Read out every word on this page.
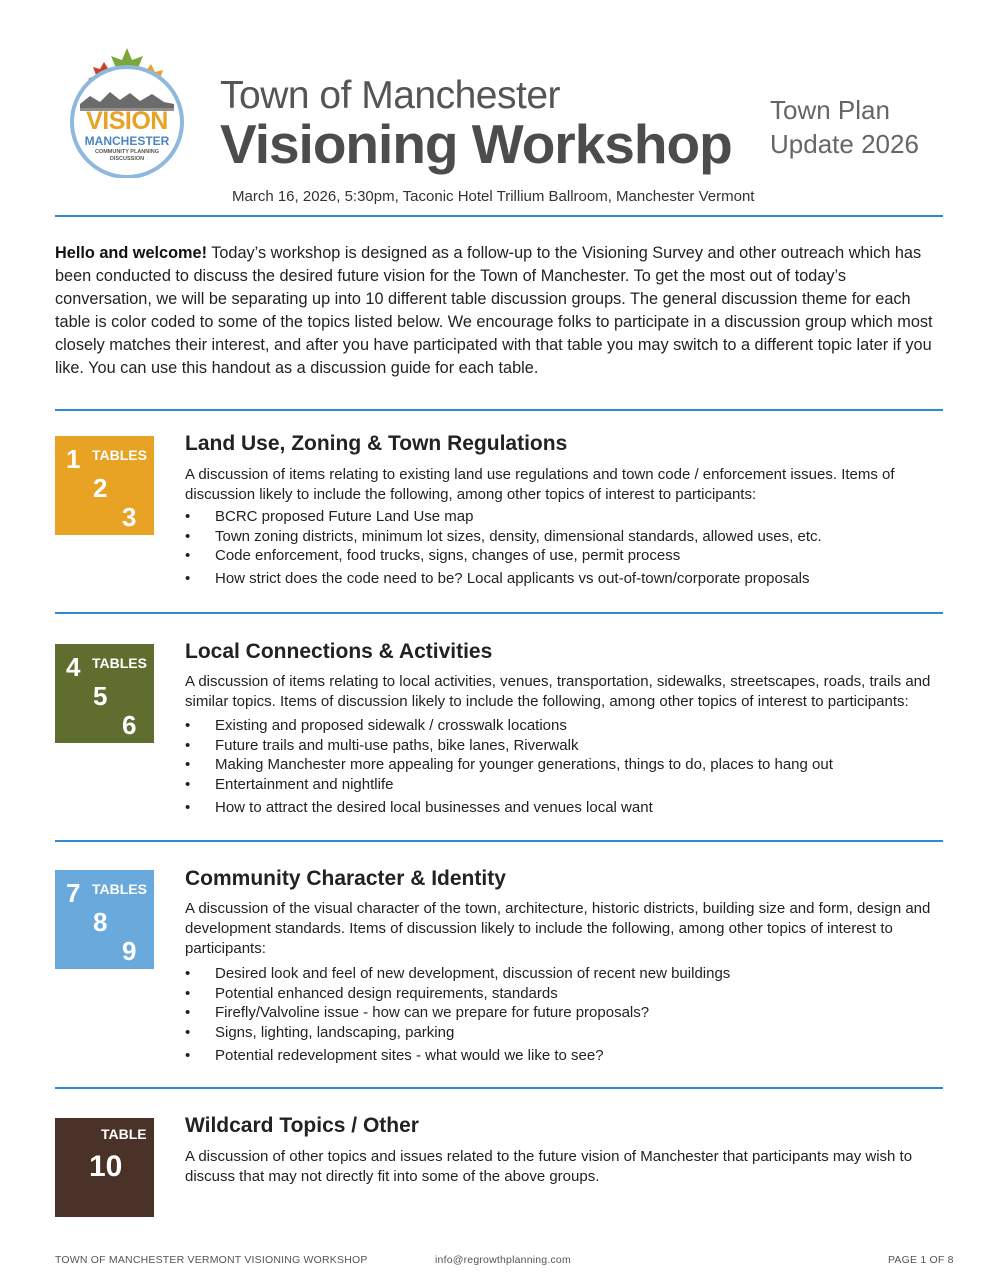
VISION
MANCHESTER
COMMUNITY PLANNING
DISCUSSION
Town of Manchester
Visioning Workshop
Town Plan
Update 2026
March 16, 2026, 5:30pm, Taconic Hotel Trillium Ballroom, Manchester Vermont
Hello and welcome! Today’s workshop is designed as a follow-up to the Visioning Survey and other outreach which has been conducted to discuss the desired future vision for the Town of Manchester. To get the most out of today’s conversation, we will be separating up into 10 different table discussion groups. The general discussion theme for each table is color coded to some of the topics listed below. We encourage folks to participate in a discussion group which most closely matches their interest, and after you have participated with that table you may switch to a different topic later if you like. You can use this handout as a discussion guide for each table.
TABLES
1
2
3
Land Use, Zoning & Town Regulations
A discussion of items relating to existing land use regulations and town code / enforcement issues. Items of discussion likely to include the following, among other topics of interest to participants:
• BCRC proposed Future Land Use map
• Town zoning districts, minimum lot sizes, density, dimensional standards, allowed uses, etc.
• Code enforcement, food trucks, signs, changes of use, permit process
• How strict does the code need to be? Local applicants vs out-of-town/corporate proposals
TABLES
4
5
6
Local Connections & Activities
A discussion of items relating to local activities, venues, transportation, sidewalks, streetscapes, roads, trails and similar topics. Items of discussion likely to include the following, among other topics of interest to participants:
• Existing and proposed sidewalk / crosswalk locations
• Future trails and multi-use paths, bike lanes, Riverwalk
• Making Manchester more appealing for younger generations, things to do, places to hang out
• Entertainment and nightlife
• How to attract the desired local businesses and venues local want
TABLES
7
8
9
Community Character & Identity
A discussion of the visual character of the town, architecture, historic districts, building size and form, design and development standards. Items of discussion likely to include the following, among other topics of interest to participants:
• Desired look and feel of new development, discussion of recent new buildings
• Potential enhanced design requirements, standards
• Firefly/Valvoline issue - how can we prepare for future proposals?
• Signs, lighting, landscaping, parking
• Potential redevelopment sites - what would we like to see?
TABLE
10
Wildcard Topics / Other
A discussion of other topics and issues related to the future vision of Manchester that participants may wish to discuss that may not directly fit into some of the above groups.
TOWN OF MANCHESTER VERMONT VISIONING WORKSHOP	info@regrowthplanning.com	PAGE 1 OF 8
